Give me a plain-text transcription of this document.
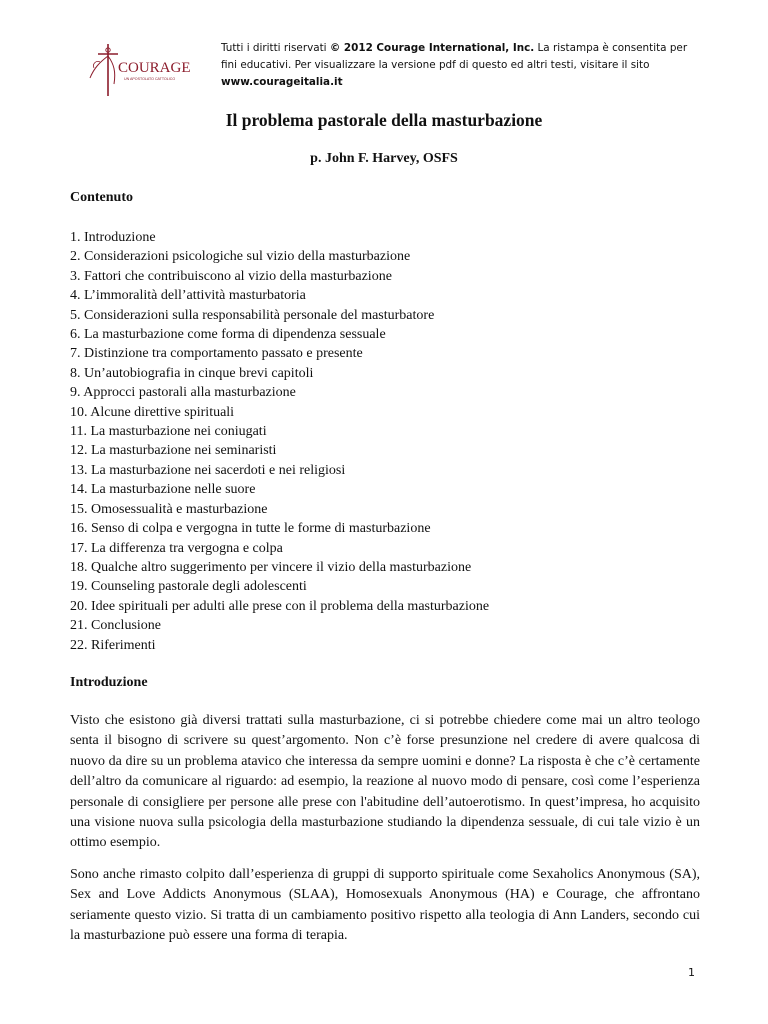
COURAGE
UN APOSTOLATO CATTOLICO
Tutti i diritti riservati © 2012 Courage International, Inc. La ristampa è consentita per fini educativi. Per visualizzare la versione pdf di questo ed altri testi, visitare il sito www.courageitalia.it
Il problema pastorale della masturbazione
p. John F. Harvey, OSFS
Contenuto
1. Introduzione
2. Considerazioni psicologiche sul vizio della masturbazione
3. Fattori che contribuiscono al vizio della masturbazione
4. L’immoralità dell’attività masturbatoria
5. Considerazioni sulla responsabilità personale del masturbatore
6. La masturbazione come forma di dipendenza sessuale
7. Distinzione tra comportamento passato e presente
8. Un’autobiografia in cinque brevi capitoli
9. Approcci pastorali alla masturbazione
10. Alcune direttive spirituali
11. La masturbazione nei coniugati
12. La masturbazione nei seminaristi
13. La masturbazione nei sacerdoti e nei religiosi
14. La masturbazione nelle suore
15. Omosessualità e masturbazione
16. Senso di colpa e vergogna in tutte le forme di masturbazione
17. La differenza tra vergogna e colpa
18. Qualche altro suggerimento per vincere il vizio della masturbazione
19. Counseling pastorale degli adolescenti
20. Idee spirituali per adulti alle prese con il problema della masturbazione
21. Conclusione
22. Riferimenti
Introduzione

Visto che esistono già diversi trattati sulla masturbazione, ci si potrebbe chiedere come mai un altro teologo senta il bisogno di scrivere su quest’argomento. Non c’è forse presunzione nel credere di avere qualcosa di nuovo da dire su un problema atavico che interessa da sempre uomini e donne? La risposta è che c’è certamente dell’altro da comunicare al riguardo: ad esempio, la reazione al nuovo modo di pensare, così come l’esperienza personale di consigliere per persone alle prese con l'abitudine dell’autoerotismo. In quest’impresa, ho acquisito una visione nuova sulla psicologia della masturbazione studiando la dipendenza sessuale, di cui tale vizio è un ottimo esempio.

Sono anche rimasto colpito dall’esperienza di gruppi di supporto spirituale come Sexaholics Anonymous (SA), Sex and Love Addicts Anonymous (SLAA), Homosexuals Anonymous (HA) e Courage, che affrontano seriamente questo vizio. Si tratta di un cambiamento positivo rispetto alla teologia di Ann Landers, secondo cui la masturbazione può essere una forma di terapia.

1
